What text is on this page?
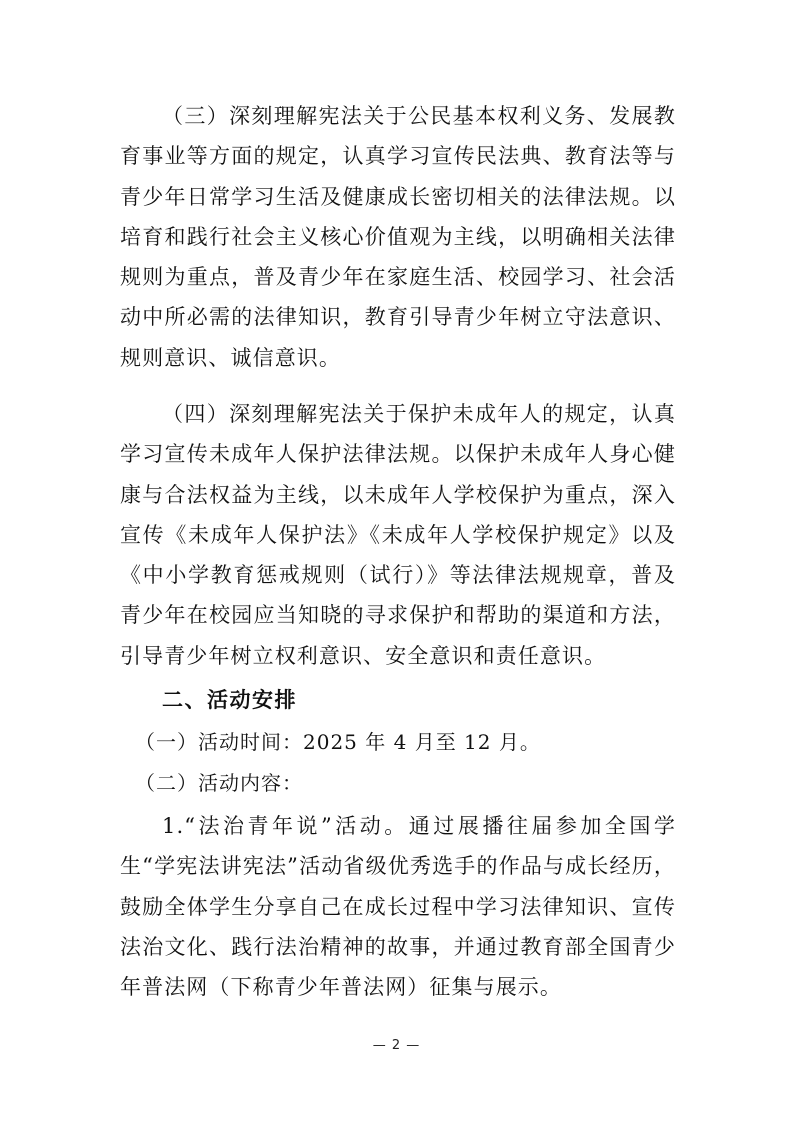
（三）深刻理解宪法关于公民基本权利义务、发展教育事业等方面的规定，认真学习宣传民法典、教育法等与青少年日常学习生活及健康成长密切相关的法律法规。以培育和践行社会主义核心价值观为主线，以明确相关法律规则为重点，普及青少年在家庭生活、校园学习、社会活动中所必需的法律知识，教育引导青少年树立守法意识、规则意识、诚信意识。

（四）深刻理解宪法关于保护未成年人的规定，认真学习宣传未成年人保护法律法规。以保护未成年人身心健康与合法权益为主线，以未成年人学校保护为重点，深入宣传《未成年人保护法》《未成年人学校保护规定》以及《中小学教育惩戒规则（试行）》等法律法规规章，普及青少年在校园应当知晓的寻求保护和帮助的渠道和方法，引导青少年树立权利意识、安全意识和责任意识。

二、活动安排

（一）活动时间：2025 年 4 月至 12 月。

（二）活动内容：

1.“法治青年说”活动。通过展播往届参加全国学生“学宪法讲宪法”活动省级优秀选手的作品与成长经历，鼓励全体学生分享自己在成长过程中学习法律知识、宣传法治文化、践行法治精神的故事，并通过教育部全国青少年普法网（下称青少年普法网）征集与展示。

— 2 —
